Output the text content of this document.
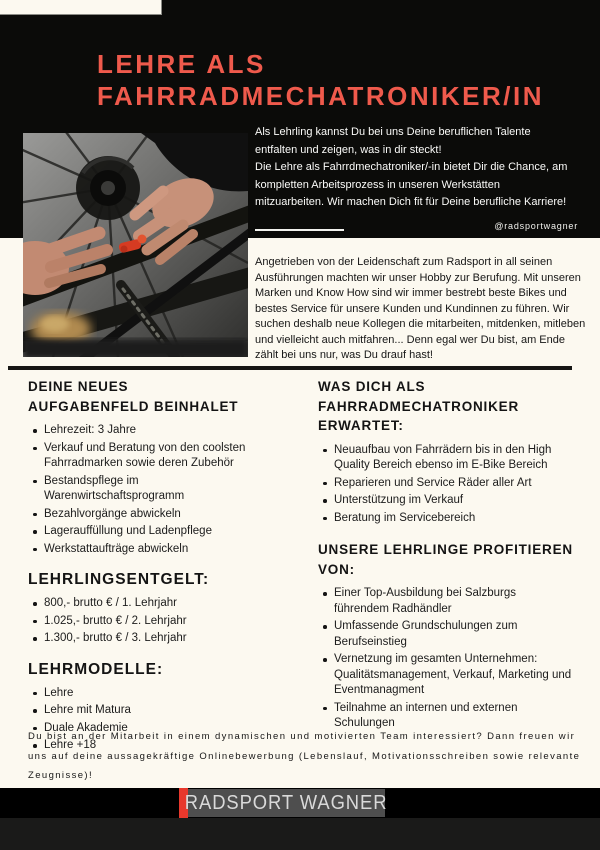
LEHRE ALS
FAHRRADMECHATRONIKER/IN

Als Lehrling kannst Du bei uns Deine beruflichen Talente entfalten und zeigen, was in dir steckt!

Die Lehre als Fahrrdmechatroniker/-in bietet Dir die Chance, am kompletten Arbeitsprozess in unseren Werkstätten mitzuarbeiten. Wir machen Dich fit für Deine berufliche Karriere!

@radsportwagner
Angetrieben von der Leidenschaft zum Radsport in all seinen Ausführungen machten wir unser Hobby zur Berufung. Mit unseren Marken und Know How sind wir immer bestrebt beste Bikes und bestes Service für unsere Kunden und Kundinnen zu führen. Wir suchen deshalb neue Kollegen die mitarbeiten, mitdenken, mitleben und vielleicht auch mitfahren... Denn egal wer Du bist, am Ende zählt bei uns nur, was Du drauf hast!
DEINE NEUES
AUFGABENFELD BEINHALET
Lehrezeit: 3 Jahre
Verkauf und Beratung von den coolsten Fahrradmarken sowie deren Zubehör
Bestandspflege im Warenwirtschaftsprogramm
Bezahlvorgänge abwickeln
Lagerauffüllung und Ladenpflege
Werkstattaufträge abwickeln
LEHRLINGSENTGELT:
800,- brutto € / 1. Lehrjahr
1.025,- brutto € / 2. Lehrjahr
1.300,- brutto € / 3. Lehrjahr
LEHRMODELLE:
Lehre
Lehre mit Matura
Duale Akademie
Lehre +18
WAS DICH ALS
FAHRRADMECHATRONIKER ERWARTET:
Neuaufbau von Fahrrädern bis in den High Quality Bereich ebenso im E-Bike Bereich
Reparieren und Service Räder aller Art
Unterstützung im Verkauf
Beratung im Servicebereich
UNSERE LEHRLINGE PROFITIEREN
VON:
Einer Top-Ausbildung bei Salzburgs führendem Radhändler
Umfassende Grundschulungen zum Berufseinstieg
Vernetzung im gesamten Unternehmen: Qualitätsmanagement, Verkauf, Marketing und Eventmanagment
Teilnahme an internen und externen Schulungen
Du bist an der Mitarbeit in einem dynamischen und motivierten Team interessiert? Dann freuen wir uns auf deine aussagekräftige Onlinebewerbung (Lebenslauf, Motivationsschreiben sowie relevante Zeugnisse)!
RADSPORT WAGNER
